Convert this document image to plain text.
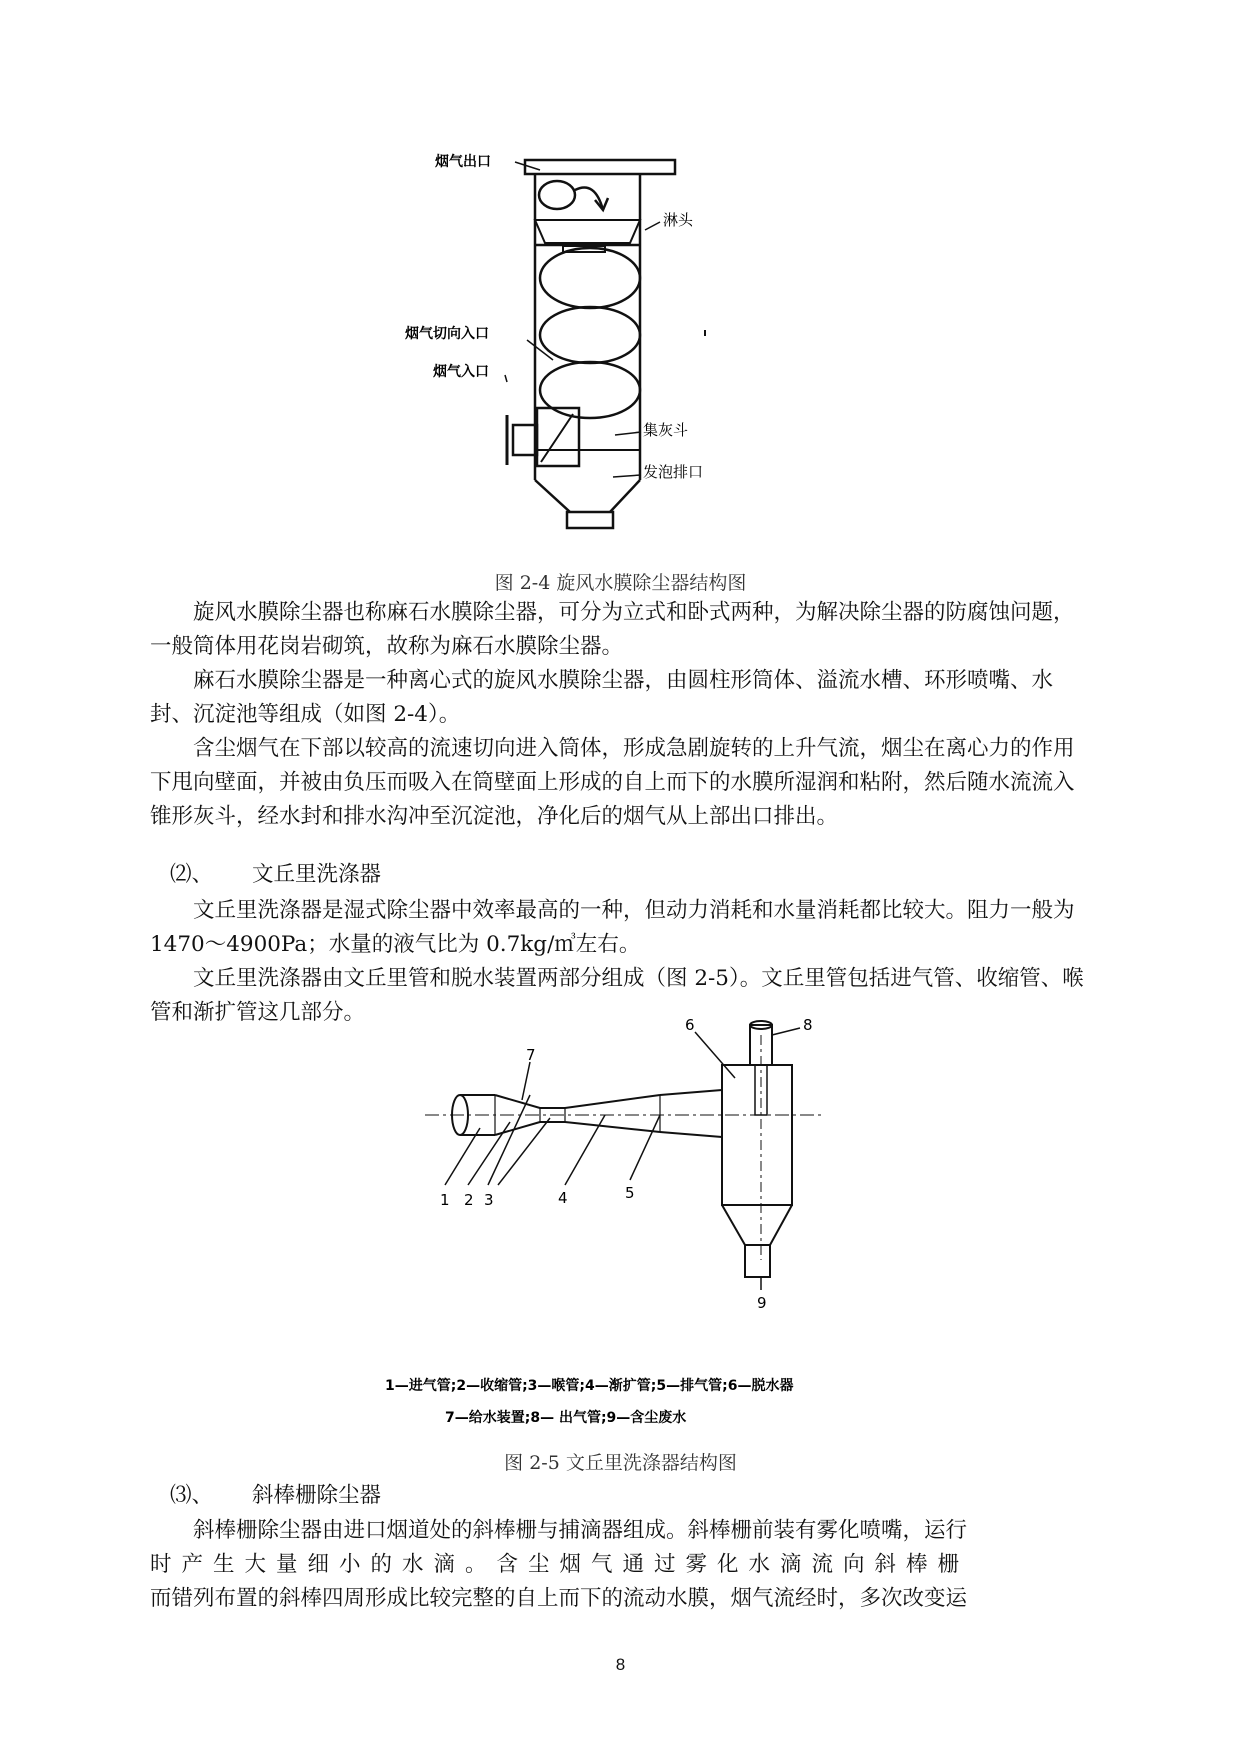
烟气出口
淋头
烟气切向入口
烟气入口
集灰斗
发泡排口
图 2-4 旋风水膜除尘器结构图
旋风水膜除尘器也称麻石水膜除尘器，可分为立式和卧式两种，为解决除尘器的防腐蚀问题，一般筒体用花岗岩砌筑，故称为麻石水膜除尘器。
麻石水膜除尘器是一种离心式的旋风水膜除尘器，由圆柱形筒体、溢流水槽、环形喷嘴、水封、沉淀池等组成（如图 2-4）。
含尘烟气在下部以较高的流速切向进入筒体，形成急剧旋转的上升气流，烟尘在离心力的作用下甩向壁面，并被由负压而吸入在筒壁面上形成的自上而下的水膜所湿润和粘附，然后随水流流入锥形灰斗，经水封和排水沟冲至沉淀池，净化后的烟气从上部出口排出。
⑵、 文丘里洗涤器
文丘里洗涤器是湿式除尘器中效率最高的一种，但动力消耗和水量消耗都比较大。阻力一般为 1470～4900Pa；水量的液气比为 0.7kg/㎥左右。
文丘里洗涤器由文丘里管和脱水装置两部分组成（图 2-5）。文丘里管包括进气管、收缩管、喉管和渐扩管这几部分。
1 2 3	4	5
6
7
8
9
1—进气管;2—收缩管;3—喉管;4—渐扩管;5—排气管;6—脱水器
7—给水装置;8— 出气管;9—含尘废水
图 2-5 文丘里洗涤器结构图
⑶、 斜棒栅除尘器
斜棒栅除尘器由进口烟道处的斜棒栅与捕滴器组成。斜棒栅前装有雾化喷嘴，运行
时产生大量细小的水滴。含尘烟气通过雾化水滴流向斜棒栅
而错列布置的斜棒四周形成比较完整的自上而下的流动水膜，烟气流经时，多次改变运
8
